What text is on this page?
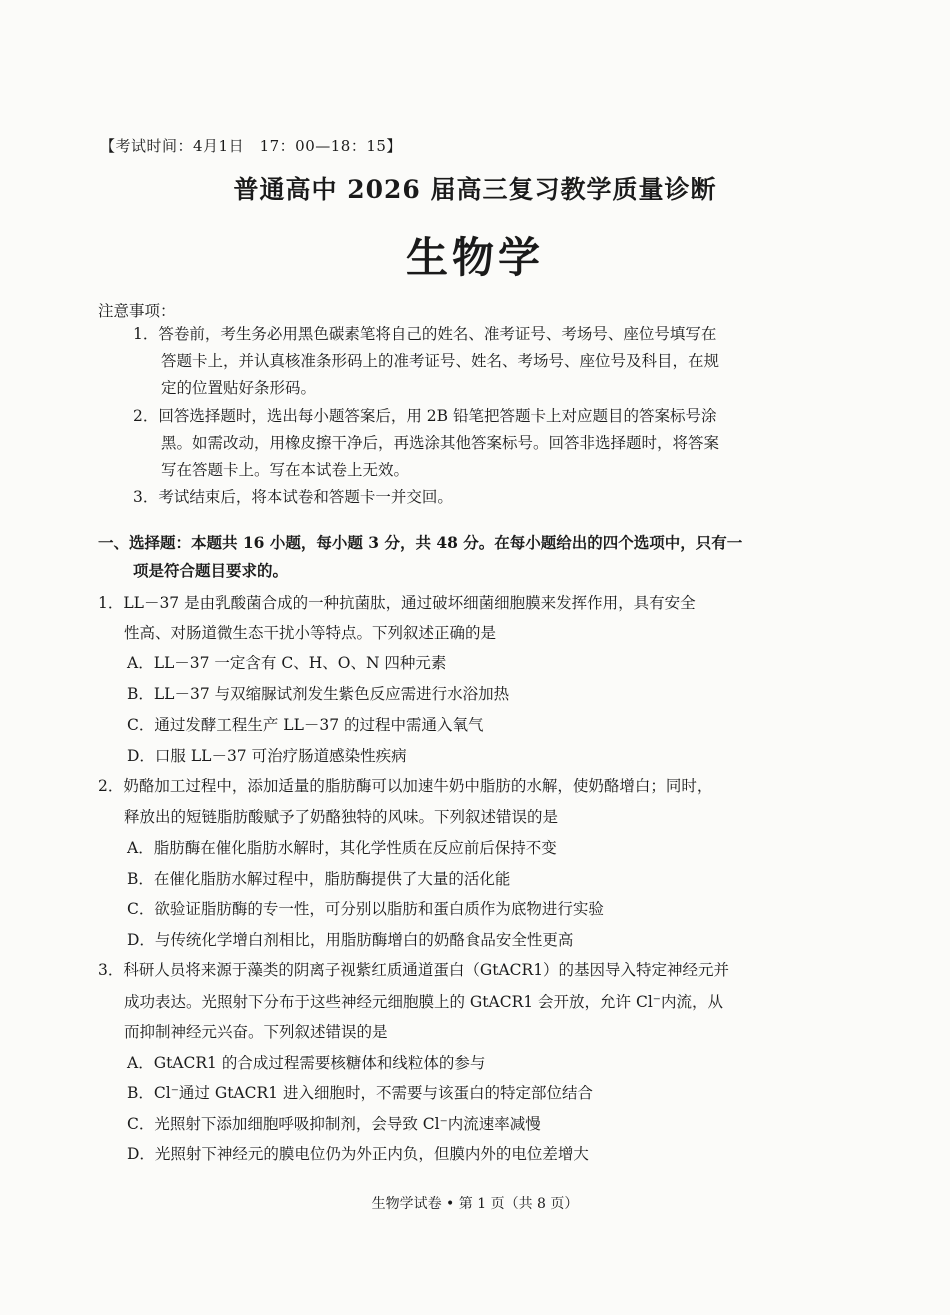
【考试时间：4月1日　17：00—18：15】
普通高中 2026 届高三复习教学质量诊断
生物学
注意事项：
1．答卷前，考生务必用黑色碳素笔将自己的姓名、准考证号、考场号、座位号填写在
答题卡上，并认真核准条形码上的准考证号、姓名、考场号、座位号及科目，在规
定的位置贴好条形码。
2．回答选择题时，选出每小题答案后，用 2B 铅笔把答题卡上对应题目的答案标号涂
黑。如需改动，用橡皮擦干净后，再选涂其他答案标号。回答非选择题时，将答案
写在答题卡上。写在本试卷上无效。
3．考试结束后，将本试卷和答题卡一并交回。
一、选择题：本题共 16 小题，每小题 3 分，共 48 分。在每小题给出的四个选项中，只有一
项是符合题目要求的。
1．LL－37 是由乳酸菌合成的一种抗菌肽，通过破坏细菌细胞膜来发挥作用，具有安全
性高、对肠道微生态干扰小等特点。下列叙述正确的是
A．LL－37 一定含有 C、H、O、N 四种元素
B．LL－37 与双缩脲试剂发生紫色反应需进行水浴加热
C．通过发酵工程生产 LL－37 的过程中需通入氧气
D．口服 LL－37 可治疗肠道感染性疾病
2．奶酪加工过程中，添加适量的脂肪酶可以加速牛奶中脂肪的水解，使奶酪增白；同时，
释放出的短链脂肪酸赋予了奶酪独特的风味。下列叙述错误的是
A．脂肪酶在催化脂肪水解时，其化学性质在反应前后保持不变
B．在催化脂肪水解过程中，脂肪酶提供了大量的活化能
C．欲验证脂肪酶的专一性，可分别以脂肪和蛋白质作为底物进行实验
D．与传统化学增白剂相比，用脂肪酶增白的奶酪食品安全性更高
3．科研人员将来源于藻类的阴离子视紫红质通道蛋白（GtACR1）的基因导入特定神经元并
成功表达。光照射下分布于这些神经元细胞膜上的 GtACR1 会开放，允许 Cl⁻内流，从
而抑制神经元兴奋。下列叙述错误的是
A．GtACR1 的合成过程需要核糖体和线粒体的参与
B．Cl⁻通过 GtACR1 进入细胞时，不需要与该蛋白的特定部位结合
C．光照射下添加细胞呼吸抑制剂，会导致 Cl⁻内流速率减慢
D．光照射下神经元的膜电位仍为外正内负，但膜内外的电位差增大
生物学试卷 • 第 1 页（共 8 页）
